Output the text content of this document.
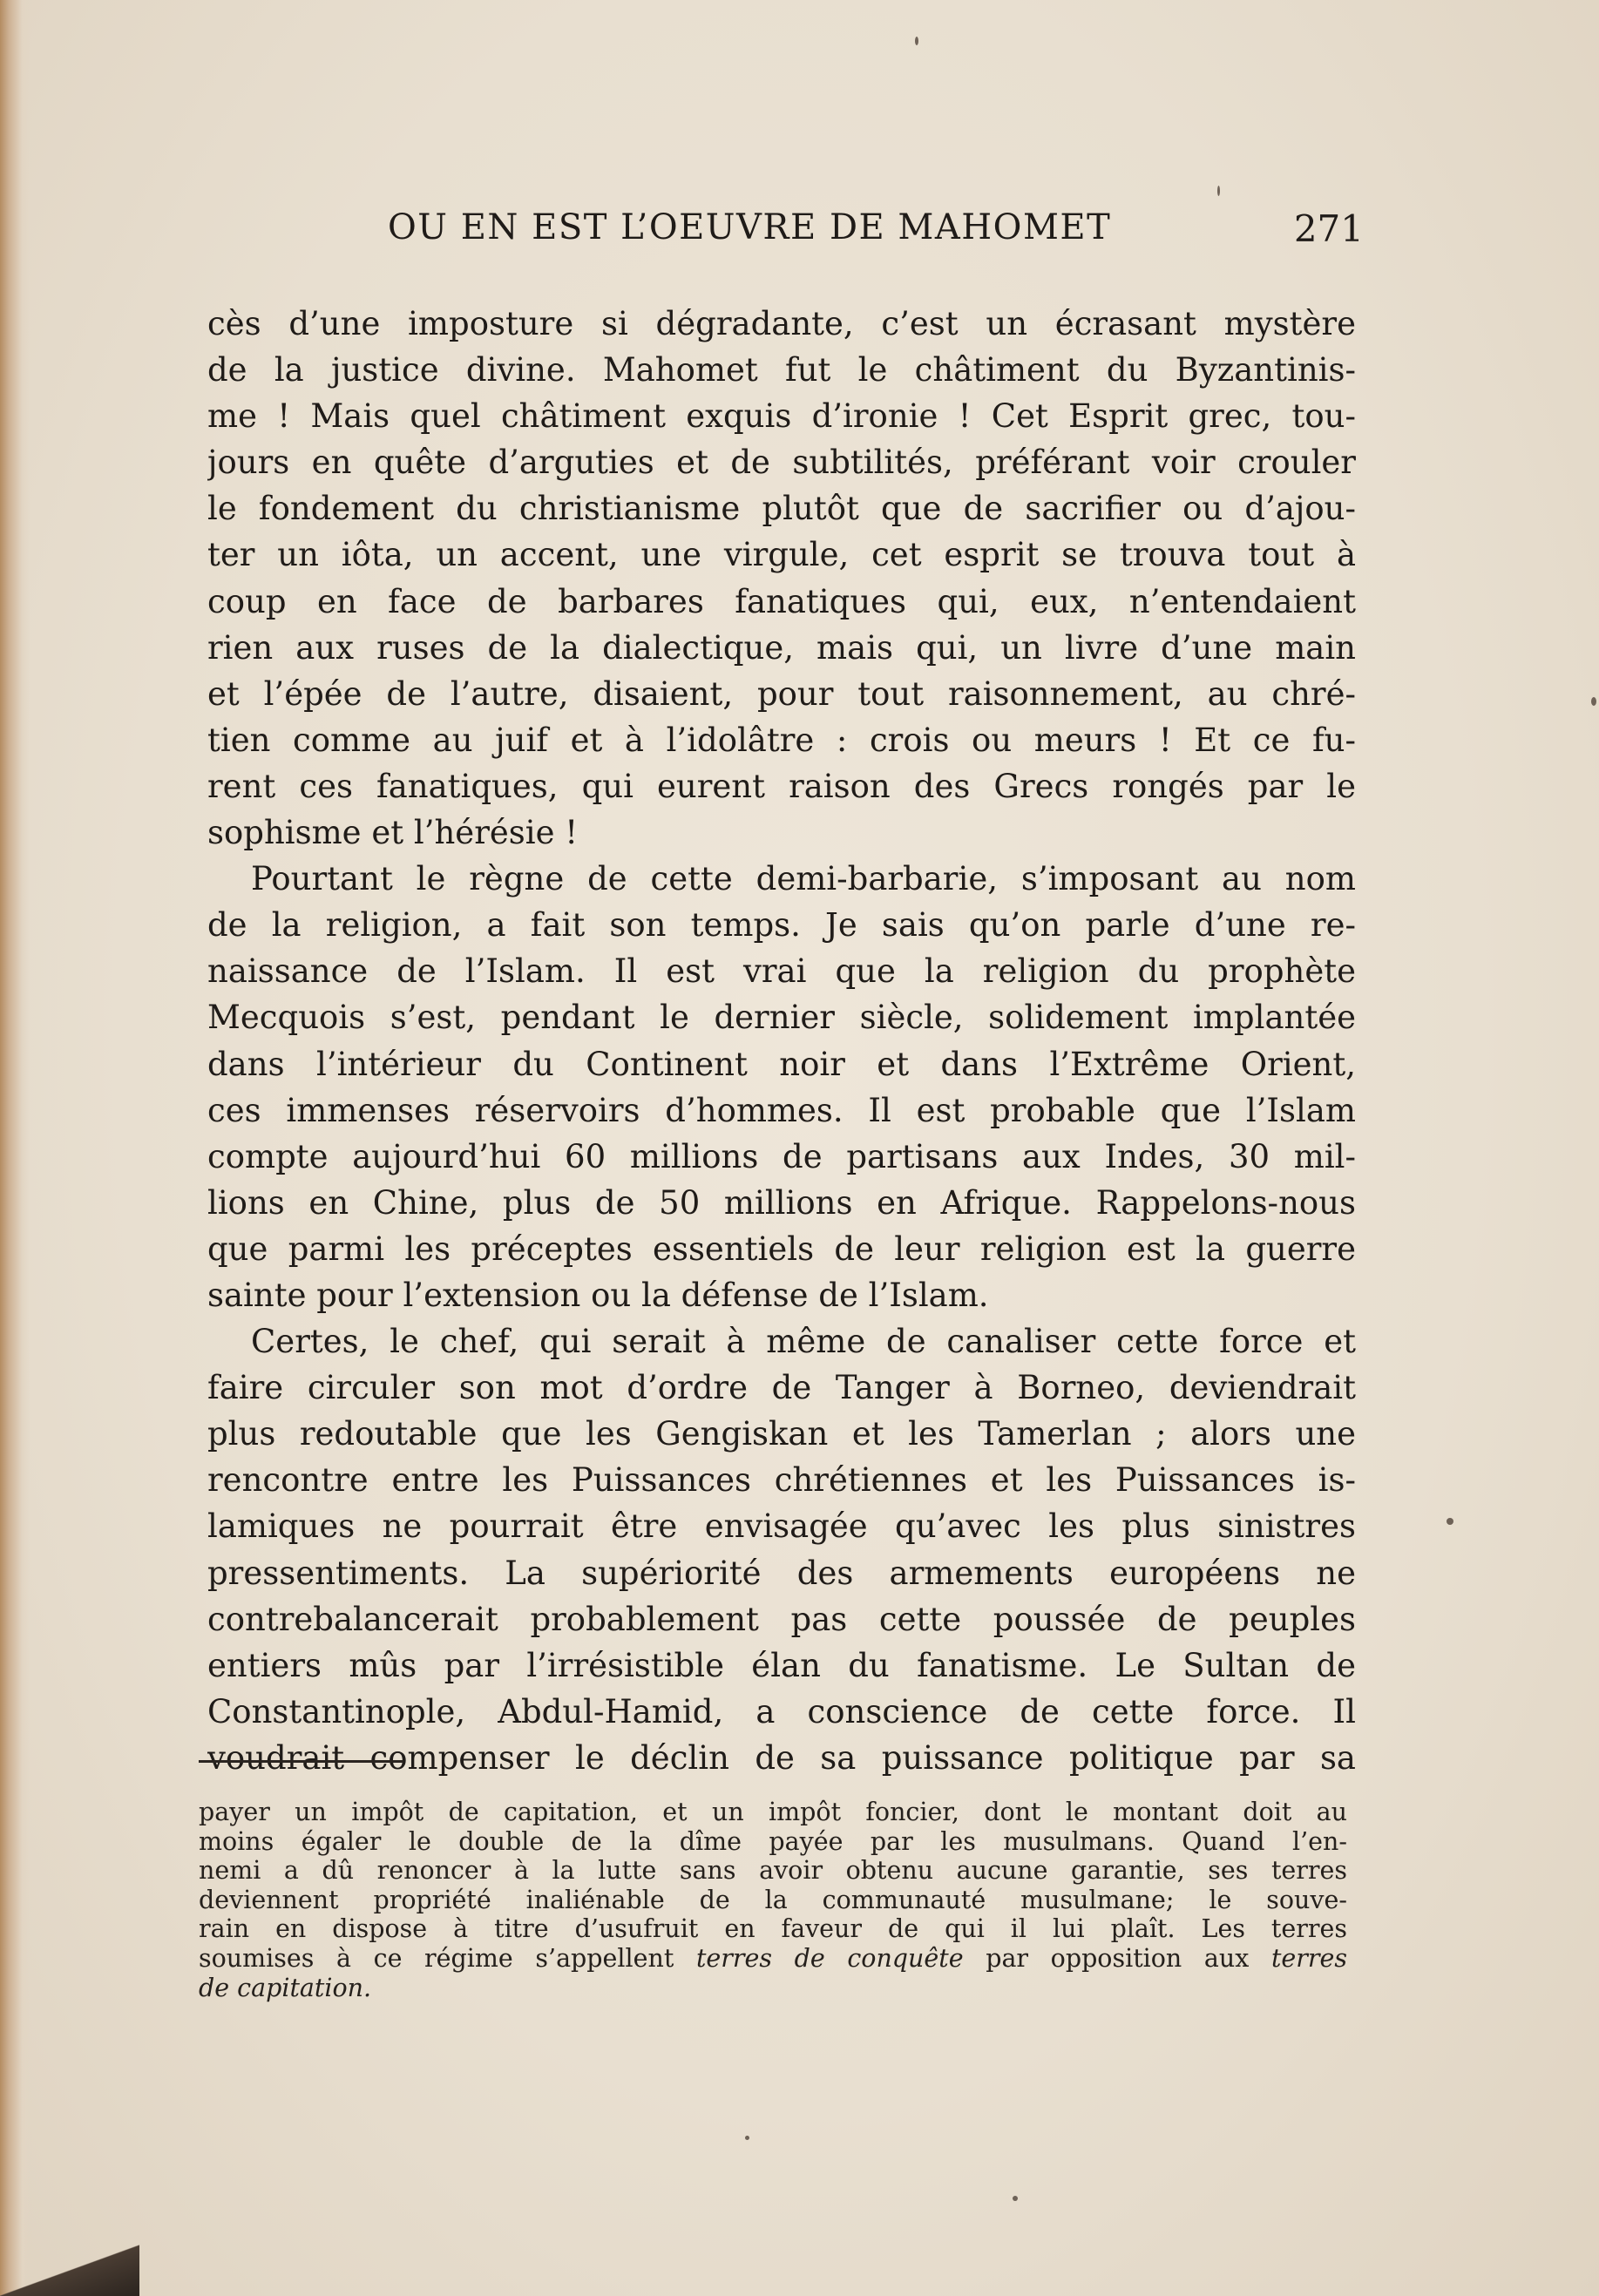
OU EN EST L’OEUVRE DE MAHOMET	271
cès d’une imposture si dégradante, c’est un écrasant mystère
de la justice divine. Mahomet fut le châtiment du Byzantinis-
me ! Mais quel châtiment exquis d’ironie ! Cet Esprit grec, tou-
jours en quête d’arguties et de subtilités, préférant voir crouler
le fondement du christianisme plutôt que de sacrifier ou d’ajou-
ter un iôta, un accent, une virgule, cet esprit se trouva tout à
coup en face de barbares fanatiques qui, eux, n’entendaient
rien aux ruses de la dialectique, mais qui, un livre d’une main
et l’épée de l’autre, disaient, pour tout raisonnement, au chré-
tien comme au juif et à l’idolâtre : crois ou meurs ! Et ce fu-
rent ces fanatiques, qui eurent raison des Grecs rongés par le
sophisme et l’hérésie !
Pourtant le règne de cette demi-barbarie, s’imposant au nom
de la religion, a fait son temps. Je sais qu’on parle d’une re-
naissance de l’Islam. Il est vrai que la religion du prophète
Mecquois s’est, pendant le dernier siècle, solidement implantée
dans l’intérieur du Continent noir et dans l’Extrême Orient,
ces immenses réservoirs d’hommes. Il est probable que l’Islam
compte aujourd’hui 60 millions de partisans aux Indes, 30 mil-
lions en Chine, plus de 50 millions en Afrique. Rappelons-nous
que parmi les préceptes essentiels de leur religion est la guerre
sainte pour l’extension ou la défense de l’Islam.
Certes, le chef, qui serait à même de canaliser cette force et
faire circuler son mot d’ordre de Tanger à Borneo, deviendrait
plus redoutable que les Gengiskan et les Tamerlan ; alors une
rencontre entre les Puissances chrétiennes et les Puissances is-
lamiques ne pourrait être envisagée qu’avec les plus sinistres
pressentiments. La supériorité des armements européens ne
contrebalancerait probablement pas cette poussée de peuples
entiers mûs par l’irrésistible élan du fanatisme. Le Sultan de
Constantinople, Abdul-Hamid, a conscience de cette force. Il
voudrait compenser le déclin de sa puissance politique par sa
payer un impôt de capitation, et un impôt foncier, dont le montant doit au
moins égaler le double de la dîme payée par les musulmans. Quand l’en-
nemi a dû renoncer à la lutte sans avoir obtenu aucune garantie, ses terres
deviennent propriété inaliénable de la communauté musulmane; le souve-
rain en dispose à titre d’usufruit en faveur de qui il lui plaît. Les terres
soumises à ce régime s’appellent terres de conquête par opposition aux terres
de capitation.
